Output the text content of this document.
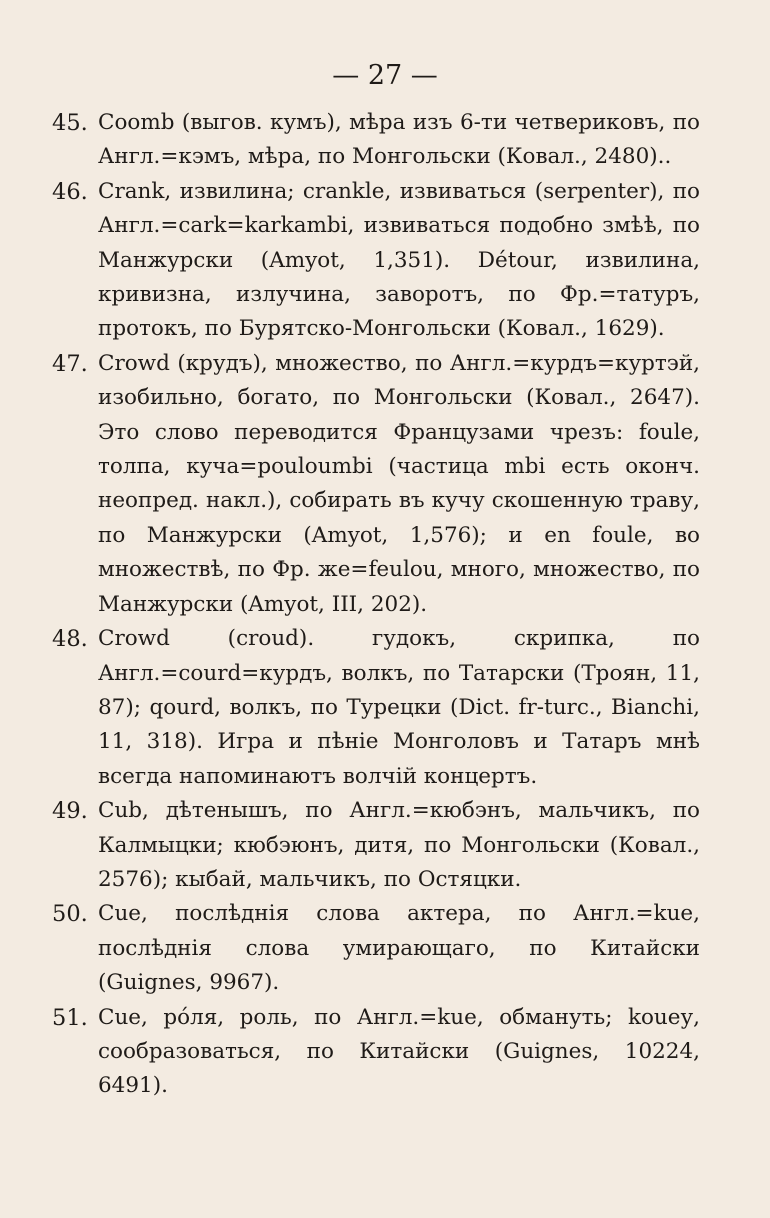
— 27 —
45. Coomb (выгов. кумъ), мѣра изъ 6-ти четвериковъ, по Англ.=кэмъ, мѣра, по Монгольски (Ковал., 2480)..
46. Crank, извилина; crankle, извиваться (serpenter), по Англ.=cark=karkambi, извиваться подобно змѣѣ, по Манжурски (Amyot, 1,351). Détour, извилина, кривизна, излучина, заворотъ, по Фр.=татуръ, протокъ, по Бурятско-Монгольски (Ковал., 1629).
47. Crowd (крудъ), множество, по Англ.=курдъ=куртэй, изобильно, богато, по Монгольски (Ковал., 2647). Это слово переводится Французами чрезъ: foule, толпа, куча=pouloumbi (частица mbi есть оконч. неопред. накл.), собирать въ кучу скошенную траву, по Манжурски (Amyot, 1,576); и en foule, во множествѣ, по Фр. же=feulou, много, множество, по Манжурски (Amyot, III, 202).
48. Crowd (croud). гудокъ, скрипка, по Англ.=courd=курдъ, волкъ, по Татарски (Троян, 11, 87); qourd, волкъ, по Турецки (Dict. fr-turc., Bianchi, 11, 318). Игра и пѣніе Монголовъ и Татаръ мнѣ всегда напоминаютъ волчій концертъ.
49. Cub, дѣтенышъ, по Англ.=кюбэнъ, мальчикъ, по Калмыцки; кюбэюнъ, дитя, по Монгольски (Ковал., 2576); кыбай, мальчикъ, по Остяцки.
50. Cue, послѣднія слова актера, по Англ.=kue, послѣднія слова умирающаго, по Китайски (Guignes, 9967).
51. Cue, рóля, роль, по Англ.=kue, обмануть; koueу, сообразоваться, по Китайски (Guignes, 10224, 6491).
